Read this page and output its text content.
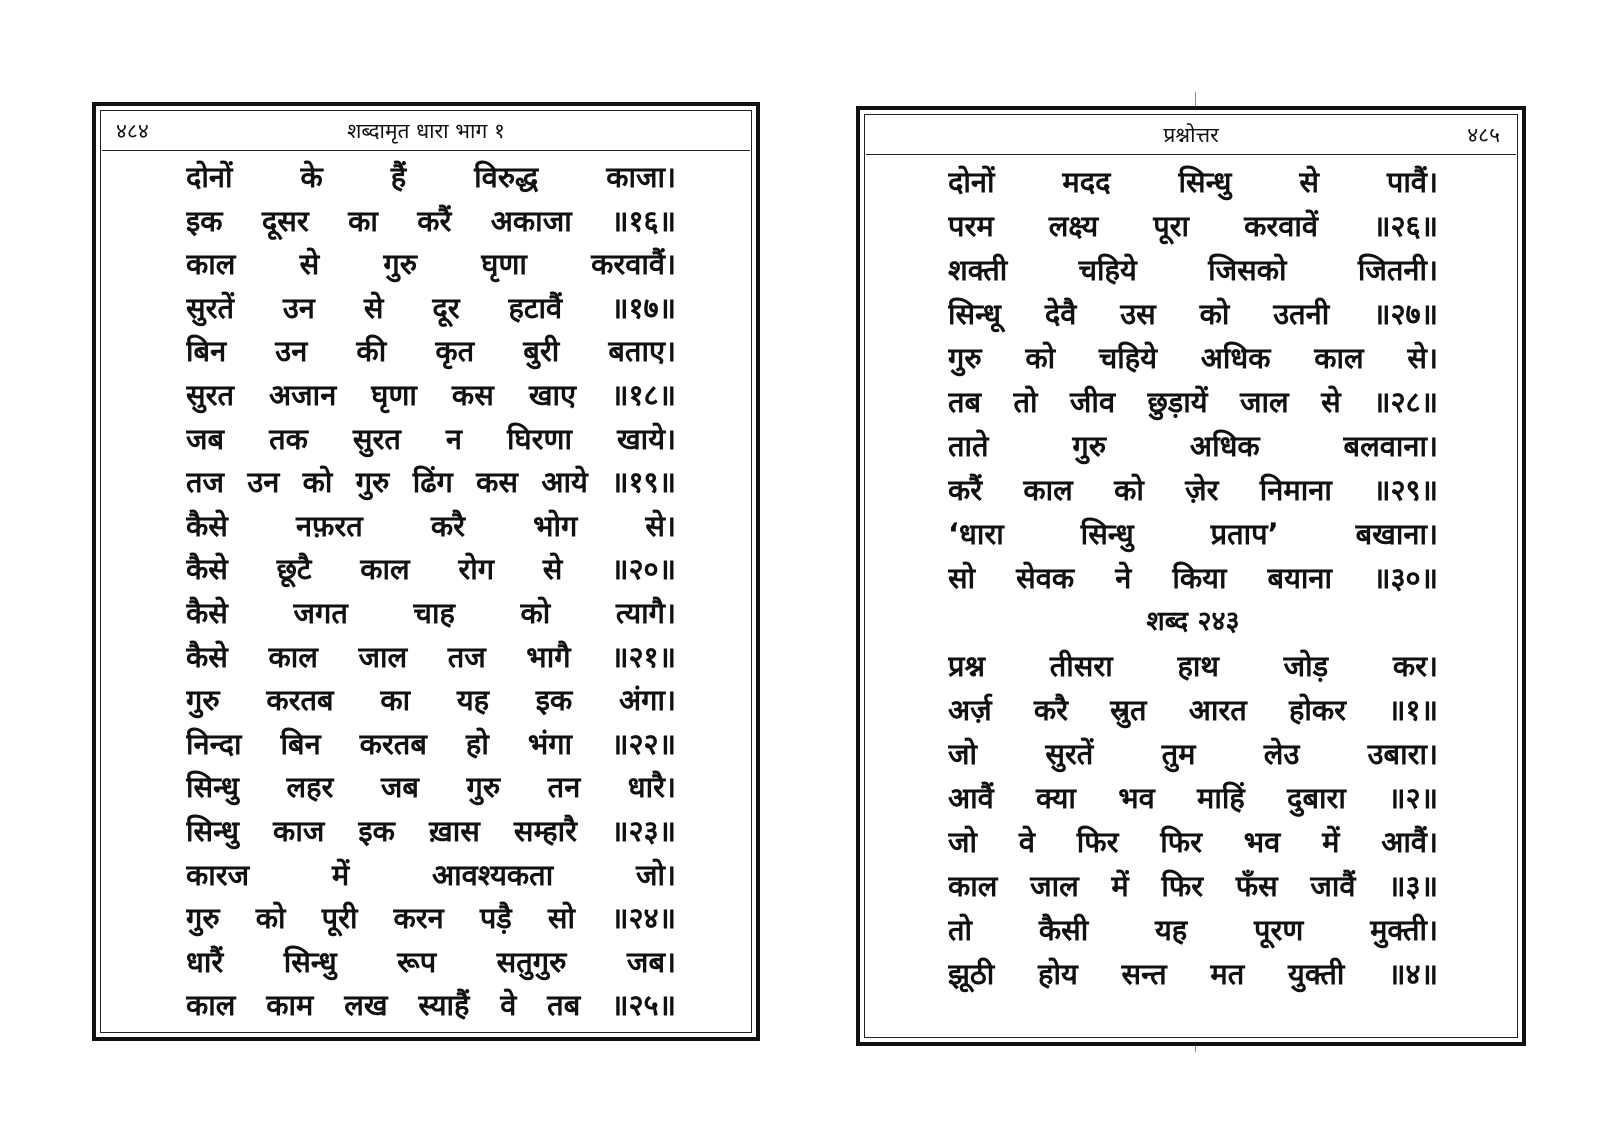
४८४	शब्दामृत धारा भाग १
दोनों के हैं विरुद्ध काजा।
इक दूसर का करैं अकाजा ॥१६॥
काल से गुरु घृणा करवावैं।
सुरतें उन से दूर हटावैं ॥१७॥
बिन उन की कृत बुरी बताए।
सुरत अजान घृणा कस खाए ॥१८॥
जब तक सुरत न घिरणा खाये।
तज उन को गुरु ढिंग कस आये ॥१९॥
कैसे नफ़रत करै भोग से।
कैसे छूटै काल रोग से ॥२०॥
कैसे जगत चाह को त्यागै।
कैसे काल जाल तज भागै ॥२१॥
गुरु करतब का यह इक अंगा।
निन्दा बिन करतब हो भंगा ॥२२॥
सिन्धु लहर जब गुरु तन धारै।
सिन्धु काज इक ख़ास सम्हारै ॥२३॥
कारज में आवश्यकता जो।
गुरु को पूरी करन पड़ै सो ॥२४॥
धारैं सिन्धु रूप सतुगुरु जब।
काल काम लख स्याहैं वे तब ॥२५॥
प्रश्नोत्तर	४८५
दोनों मदद सिन्धु से पावैं।
परम लक्ष्य पूरा करवावें ॥२६॥
शक्ती चहिये जिसको जितनी।
सिन्धू देवै उस को उतनी ॥२७॥
गुरु को चहिये अधिक काल से।
तब तो जीव छुड़ायें जाल से ॥२८॥
ताते गुरु अधिक बलवाना।
करैं काल को ज़ेर निमाना ॥२९॥
‘धारा सिन्धु प्रताप’ बखाना।
सो सेवक ने किया बयाना ॥३०॥
शब्द २४३
प्रश्न तीसरा हाथ जोड़ कर।
अर्ज़ करै स्रुत आरत होकर ॥१॥
जो सुरतें तुम लेउ उबारा।
आवैं क्या भव माहिं दुबारा ॥२॥
जो वे फिर फिर भव में आवैं।
काल जाल में फिर फँस जावैं ॥३॥
तो कैसी यह पूरण मुक्ती।
झूठी होय सन्त मत युक्ती ॥४॥
